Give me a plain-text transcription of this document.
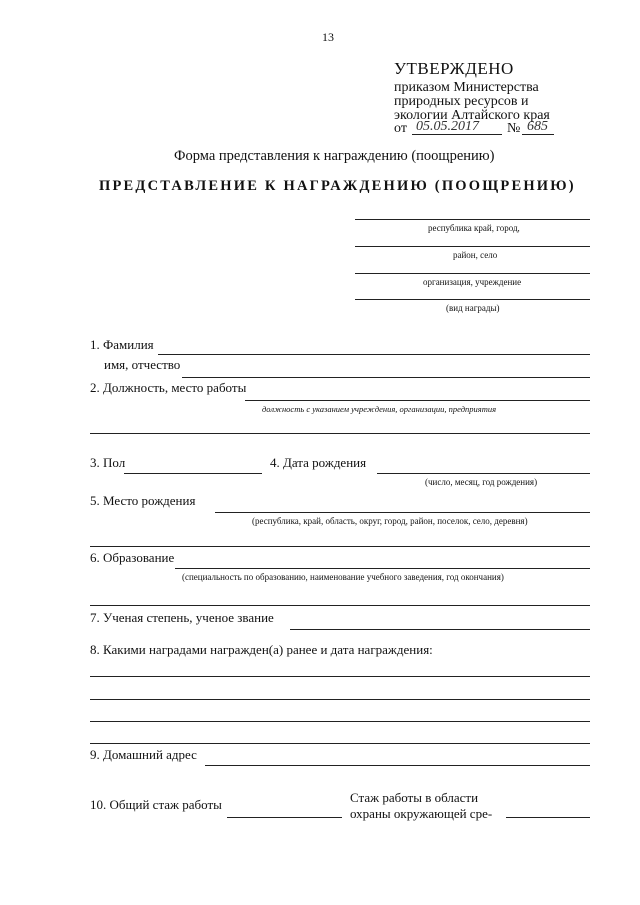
13
УТВЕРЖДЕНО
приказом Министерства
природных ресурсов и
экологии Алтайского края
от 05.05.2017 № 685
Форма представления к награждению (поощрению)
ПРЕДСТАВЛЕНИЕ К НАГРАЖДЕНИЮ (ПООЩРЕНИЮ)
республика край, город,
район, село
организация, учреждение
(вид награды)
1. Фамилия
имя, отчество
2. Должность, место работы
должность с указанием учреждения, организации, предприятия
3. Пол	4. Дата рождения
(число, месяц, год рождения)
5. Место рождения
(республика, край, область, округ, город, район, поселок, село, деревня)
6. Образование
(специальность по образованию, наименование учебного заведения, год окончания)
7. Ученая степень, ученое звание
8. Какими наградами награжден(а) ранее и дата награждения:
9. Домашний адрес
10. Общий стаж работы	Стаж работы в области
охраны окружающей сре-
